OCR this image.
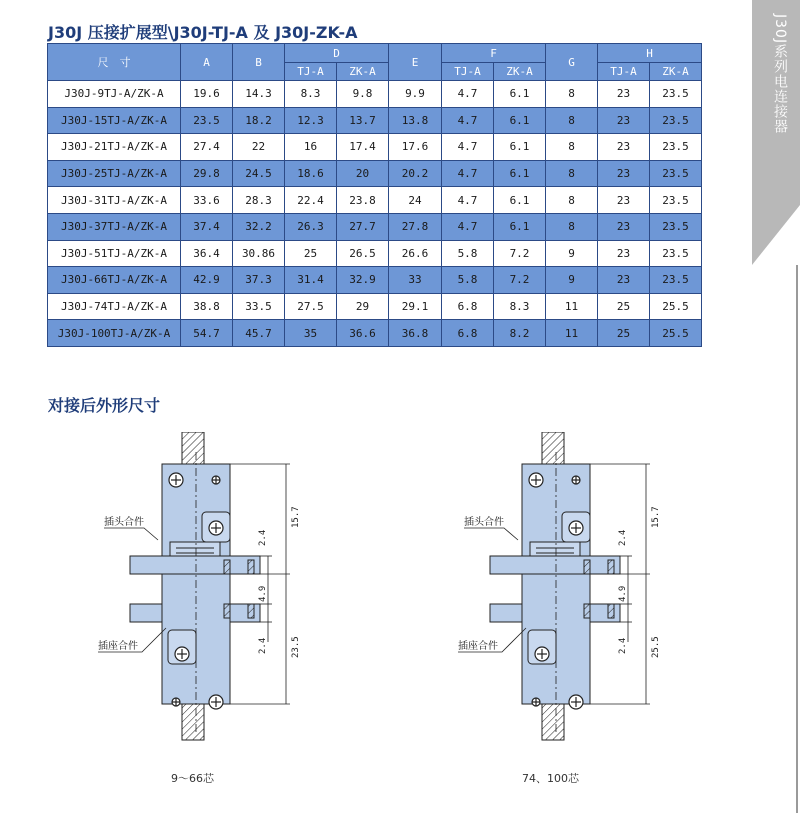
J30J 压接扩展型\J30J-TJ-A 及 J30J-ZK-A	J30J系列电连接器
尺　寸	A	B	D		E	F		G	H	
			TJ-A	ZK-A		TJ-A	ZK-A		TJ-A	ZK-A
J30J-9TJ-A/ZK-A	19.6	14.3	8.3	9.8	9.9	4.7	6.1	8	23	23.5
J30J-15TJ-A/ZK-A	23.5	18.2	12.3	13.7	13.8	4.7	6.1	8	23	23.5
J30J-21TJ-A/ZK-A	27.4	22	16	17.4	17.6	4.7	6.1	8	23	23.5
J30J-25TJ-A/ZK-A	29.8	24.5	18.6	20	20.2	4.7	6.1	8	23	23.5
J30J-31TJ-A/ZK-A	33.6	28.3	22.4	23.8	24	4.7	6.1	8	23	23.5
J30J-37TJ-A/ZK-A	37.4	32.2	26.3	27.7	27.8	4.7	6.1	8	23	23.5
J30J-51TJ-A/ZK-A	36.4	30.86	25	26.5	26.6	5.8	7.2	9	23	23.5
J30J-66TJ-A/ZK-A	42.9	37.3	31.4	32.9	33	5.8	7.2	9	23	23.5
J30J-74TJ-A/ZK-A	38.8	33.5	27.5	29	29.1	6.8	8.3	11	25	25.5
J30J-100TJ-A/ZK-A	54.7	45.7	35	36.6	36.8	6.8	8.2	11	25	25.5
对接后外形尺寸
插头合件
插座合件
15.7
2.4
4.9
2.4	23.5
9～66芯
插头合件
插座合件
15.7
2.4
4.9
2.4	25.5
74、100芯
